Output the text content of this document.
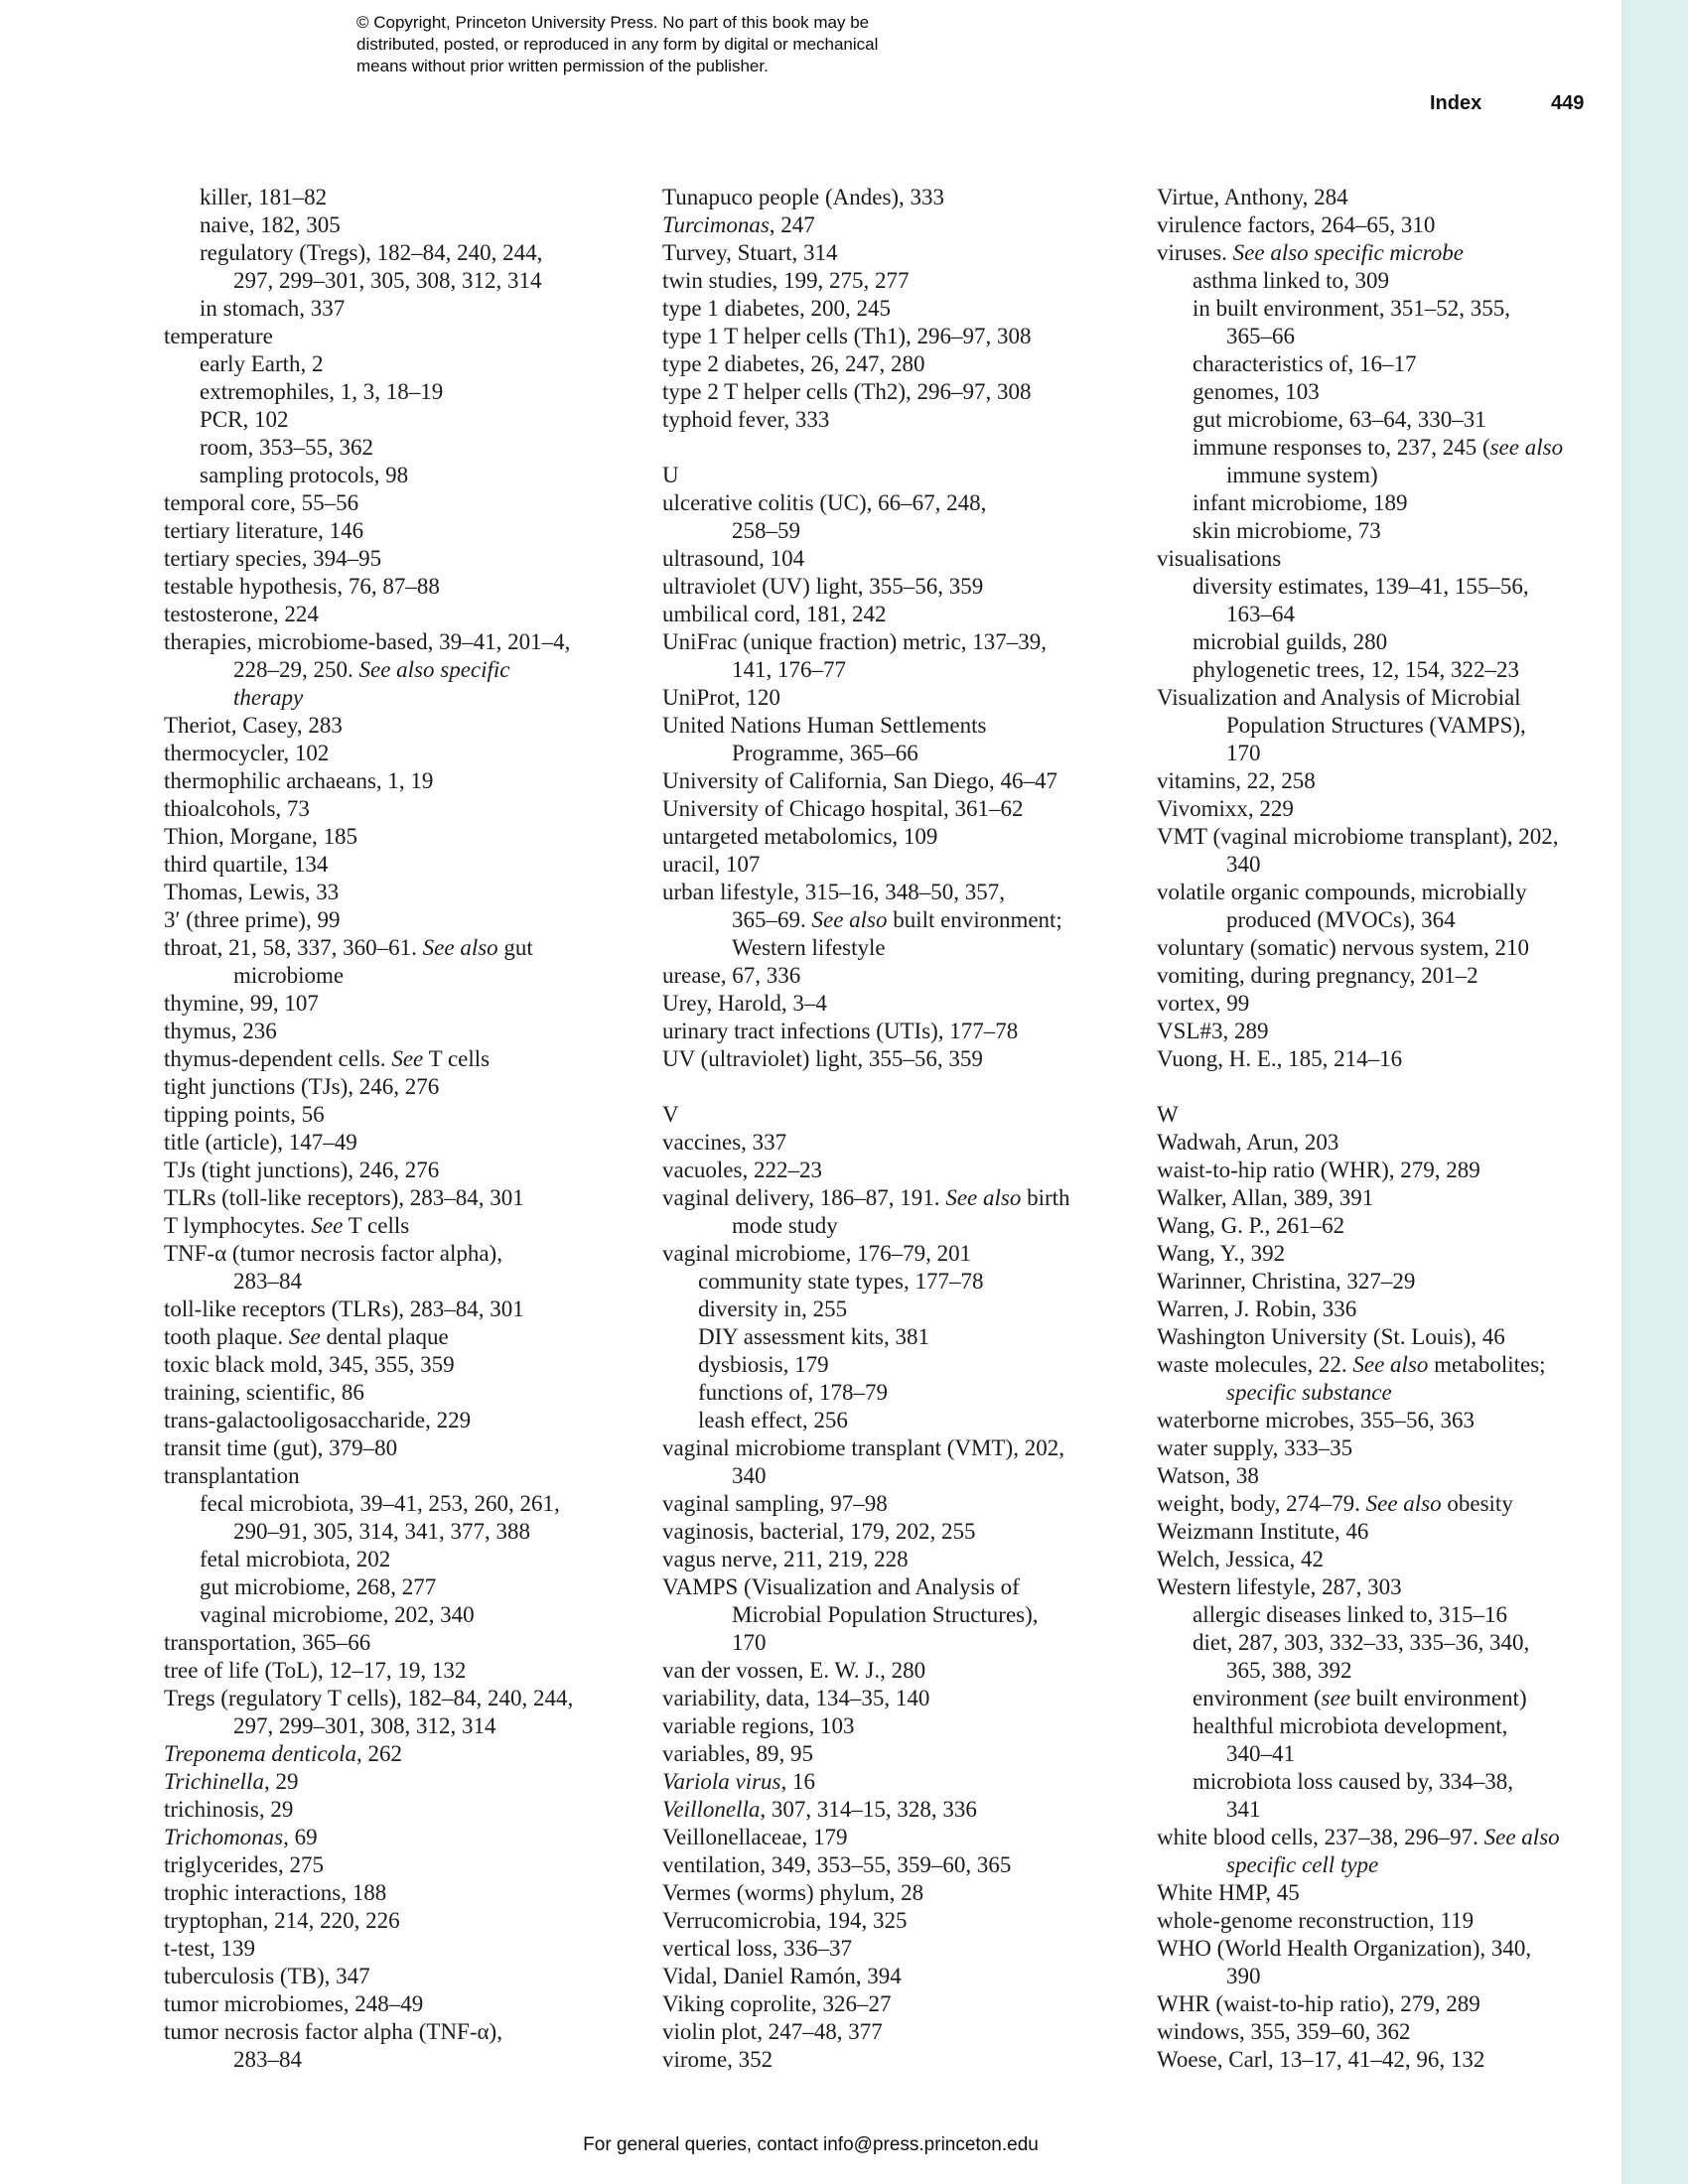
© Copyright, Princeton University Press. No part of this book may be
distributed, posted, or reproduced in any form by digital or mechanical
means without prior written permission of the publisher.
Index	449
killer, 181–82
naive, 182, 305
regulatory (Tregs), 182–84, 240, 244,
297, 299–301, 305, 308, 312, 314
in stomach, 337
temperature
early Earth, 2
extremophiles, 1, 3, 18–19
PCR, 102
room, 353–55, 362
sampling protocols, 98
temporal core, 55–56
tertiary literature, 146
tertiary species, 394–95
testable hypothesis, 76, 87–88
testosterone, 224
therapies, microbiome-based, 39–41, 201–4,
228–29, 250. See also specific
therapy
Theriot, Casey, 283
thermocycler, 102
thermophilic archaeans, 1, 19
thioalcohols, 73
Thion, Morgane, 185
third quartile, 134
Thomas, Lewis, 33
3′ (three prime), 99
throat, 21, 58, 337, 360–61. See also gut
microbiome
thymine, 99, 107
thymus, 236
thymus-dependent cells. See T cells
tight junctions (TJs), 246, 276
tipping points, 56
title (article), 147–49
TJs (tight junctions), 246, 276
TLRs (toll-like receptors), 283–84, 301
T lymphocytes. See T cells
TNF-α (tumor necrosis factor alpha),
283–84
toll-like receptors (TLRs), 283–84, 301
tooth plaque. See dental plaque
toxic black mold, 345, 355, 359
training, scientific, 86
trans-galactooligosaccharide, 229
transit time (gut), 379–80
transplantation
fecal microbiota, 39–41, 253, 260, 261,
290–91, 305, 314, 341, 377, 388
fetal microbiota, 202
gut microbiome, 268, 277
vaginal microbiome, 202, 340
transportation, 365–66
tree of life (ToL), 12–17, 19, 132
Tregs (regulatory T cells), 182–84, 240, 244,
297, 299–301, 308, 312, 314
Treponema denticola, 262
Trichinella, 29
trichinosis, 29
Trichomonas, 69
triglycerides, 275
trophic interactions, 188
tryptophan, 214, 220, 226
t-test, 139
tuberculosis (TB), 347
tumor microbiomes, 248–49
tumor necrosis factor alpha (TNF-α),
283–84
Tunapuco people (Andes), 333
Turcimonas, 247
Turvey, Stuart, 314
twin studies, 199, 275, 277
type 1 diabetes, 200, 245
type 1 T helper cells (Th1), 296–97, 308
type 2 diabetes, 26, 247, 280
type 2 T helper cells (Th2), 296–97, 308
typhoid fever, 333

U
ulcerative colitis (UC), 66–67, 248,
258–59
ultrasound, 104
ultraviolet (UV) light, 355–56, 359
umbilical cord, 181, 242
UniFrac (unique fraction) metric, 137–39,
141, 176–77
UniProt, 120
United Nations Human Settlements
Programme, 365–66
University of California, San Diego, 46–47
University of Chicago hospital, 361–62
untargeted metabolomics, 109
uracil, 107
urban lifestyle, 315–16, 348–50, 357,
365–69. See also built environment;
Western lifestyle
urease, 67, 336
Urey, Harold, 3–4
urinary tract infections (UTIs), 177–78
UV (ultraviolet) light, 355–56, 359

V
vaccines, 337
vacuoles, 222–23
vaginal delivery, 186–87, 191. See also birth
mode study
vaginal microbiome, 176–79, 201
community state types, 177–78
diversity in, 255
DIY assessment kits, 381
dysbiosis, 179
functions of, 178–79
leash effect, 256
vaginal microbiome transplant (VMT), 202,
340
vaginal sampling, 97–98
vaginosis, bacterial, 179, 202, 255
vagus nerve, 211, 219, 228
VAMPS (Visualization and Analysis of
Microbial Population Structures),
170
van der vossen, E. W. J., 280
variability, data, 134–35, 140
variable regions, 103
variables, 89, 95
Variola virus, 16
Veillonella, 307, 314–15, 328, 336
Veillonellaceae, 179
ventilation, 349, 353–55, 359–60, 365
Vermes (worms) phylum, 28
Verrucomicrobia, 194, 325
vertical loss, 336–37
Vidal, Daniel Ramón, 394
Viking coprolite, 326–27
violin plot, 247–48, 377
virome, 352
Virtue, Anthony, 284
virulence factors, 264–65, 310
viruses. See also specific microbe
asthma linked to, 309
in built environment, 351–52, 355,
365–66
characteristics of, 16–17
genomes, 103
gut microbiome, 63–64, 330–31
immune responses to, 237, 245 (see also
immune system)
infant microbiome, 189
skin microbiome, 73
visualisations
diversity estimates, 139–41, 155–56,
163–64
microbial guilds, 280
phylogenetic trees, 12, 154, 322–23
Visualization and Analysis of Microbial
Population Structures (VAMPS),
170
vitamins, 22, 258
Vivomixx, 229
VMT (vaginal microbiome transplant), 202,
340
volatile organic compounds, microbially
produced (MVOCs), 364
voluntary (somatic) nervous system, 210
vomiting, during pregnancy, 201–2
vortex, 99
VSL#3, 289
Vuong, H. E., 185, 214–16

W
Wadwah, Arun, 203
waist-to-hip ratio (WHR), 279, 289
Walker, Allan, 389, 391
Wang, G. P., 261–62
Wang, Y., 392
Warinner, Christina, 327–29
Warren, J. Robin, 336
Washington University (St. Louis), 46
waste molecules, 22. See also metabolites;
specific substance
waterborne microbes, 355–56, 363
water supply, 333–35
Watson, 38
weight, body, 274–79. See also obesity
Weizmann Institute, 46
Welch, Jessica, 42
Western lifestyle, 287, 303
allergic diseases linked to, 315–16
diet, 287, 303, 332–33, 335–36, 340,
365, 388, 392
environment (see built environment)
healthful microbiota development,
340–41
microbiota loss caused by, 334–38,
341
white blood cells, 237–38, 296–97. See also
specific cell type
White HMP, 45
whole-genome reconstruction, 119
WHO (World Health Organization), 340,
390
WHR (waist-to-hip ratio), 279, 289
windows, 355, 359–60, 362
Woese, Carl, 13–17, 41–42, 96, 132
For general queries, contact info@press.princeton.edu
